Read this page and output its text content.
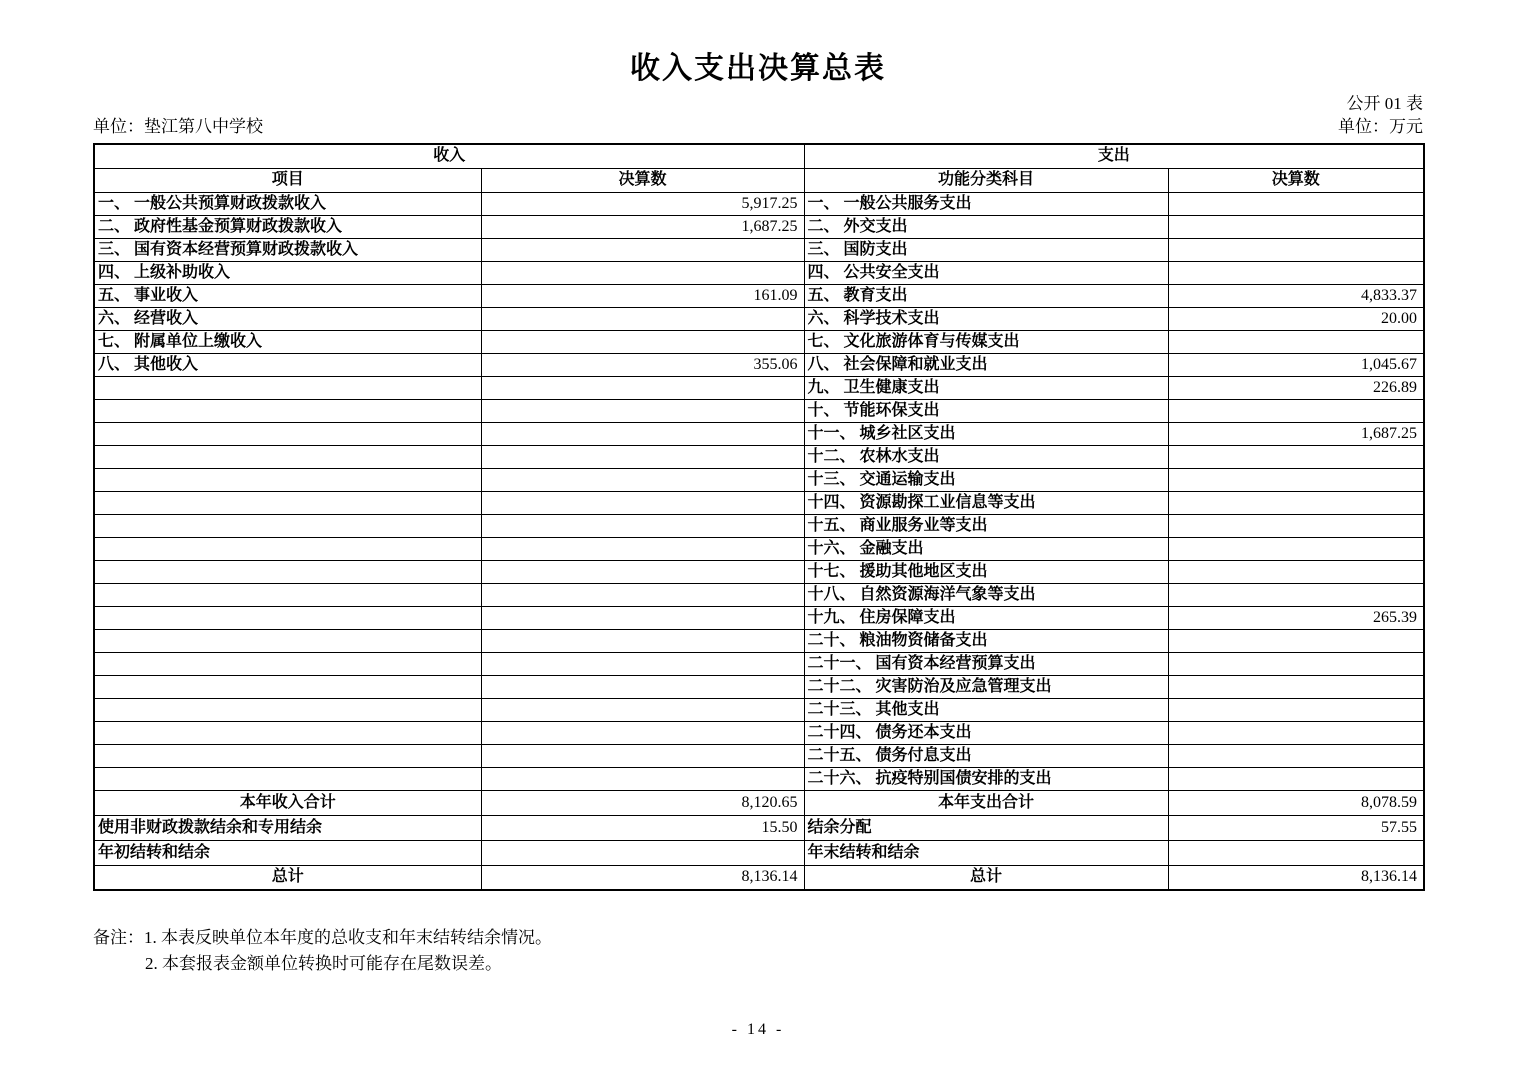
收入支出决算总表
公开 01 表
单位：垫江第八中学校	单位：万元
收入		支出	
项目	决算数	功能分类科目	决算数
一、 一般公共预算财政拨款收入	5,917.25	一、 一般公共服务支出	
二、 政府性基金预算财政拨款收入	1,687.25	二、 外交支出	
三、 国有资本经营预算财政拨款收入		三、 国防支出	
四、 上级补助收入		四、 公共安全支出	
五、 事业收入	161.09	五、 教育支出	4,833.37
六、 经营收入		六、 科学技术支出	20.00
七、 附属单位上缴收入		七、 文化旅游体育与传媒支出	
八、 其他收入	355.06	八、 社会保障和就业支出	1,045.67
		九、 卫生健康支出	226.89
		十、 节能环保支出	
		十一、 城乡社区支出	1,687.25
		十二、 农林水支出	
		十三、 交通运输支出	
		十四、 资源勘探工业信息等支出	
		十五、 商业服务业等支出	
		十六、 金融支出	
		十七、 援助其他地区支出	
		十八、 自然资源海洋气象等支出	
		十九、 住房保障支出	265.39
		二十、 粮油物资储备支出	
		二十一、 国有资本经营预算支出	
		二十二、 灾害防治及应急管理支出	
		二十三、 其他支出	
		二十四、 债务还本支出	
		二十五、 债务付息支出	
		二十六、 抗疫特别国债安排的支出	
本年收入合计	8,120.65	本年支出合计	8,078.59
使用非财政拨款结余和专用结余	15.50	结余分配	57.55
年初结转和结余		年末结转和结余	
总计	8,136.14	总计	8,136.14
备注：1. 本表反映单位本年度的总收支和年末结转结余情况。
2. 本套报表金额单位转换时可能存在尾数误差。
- 14 -
